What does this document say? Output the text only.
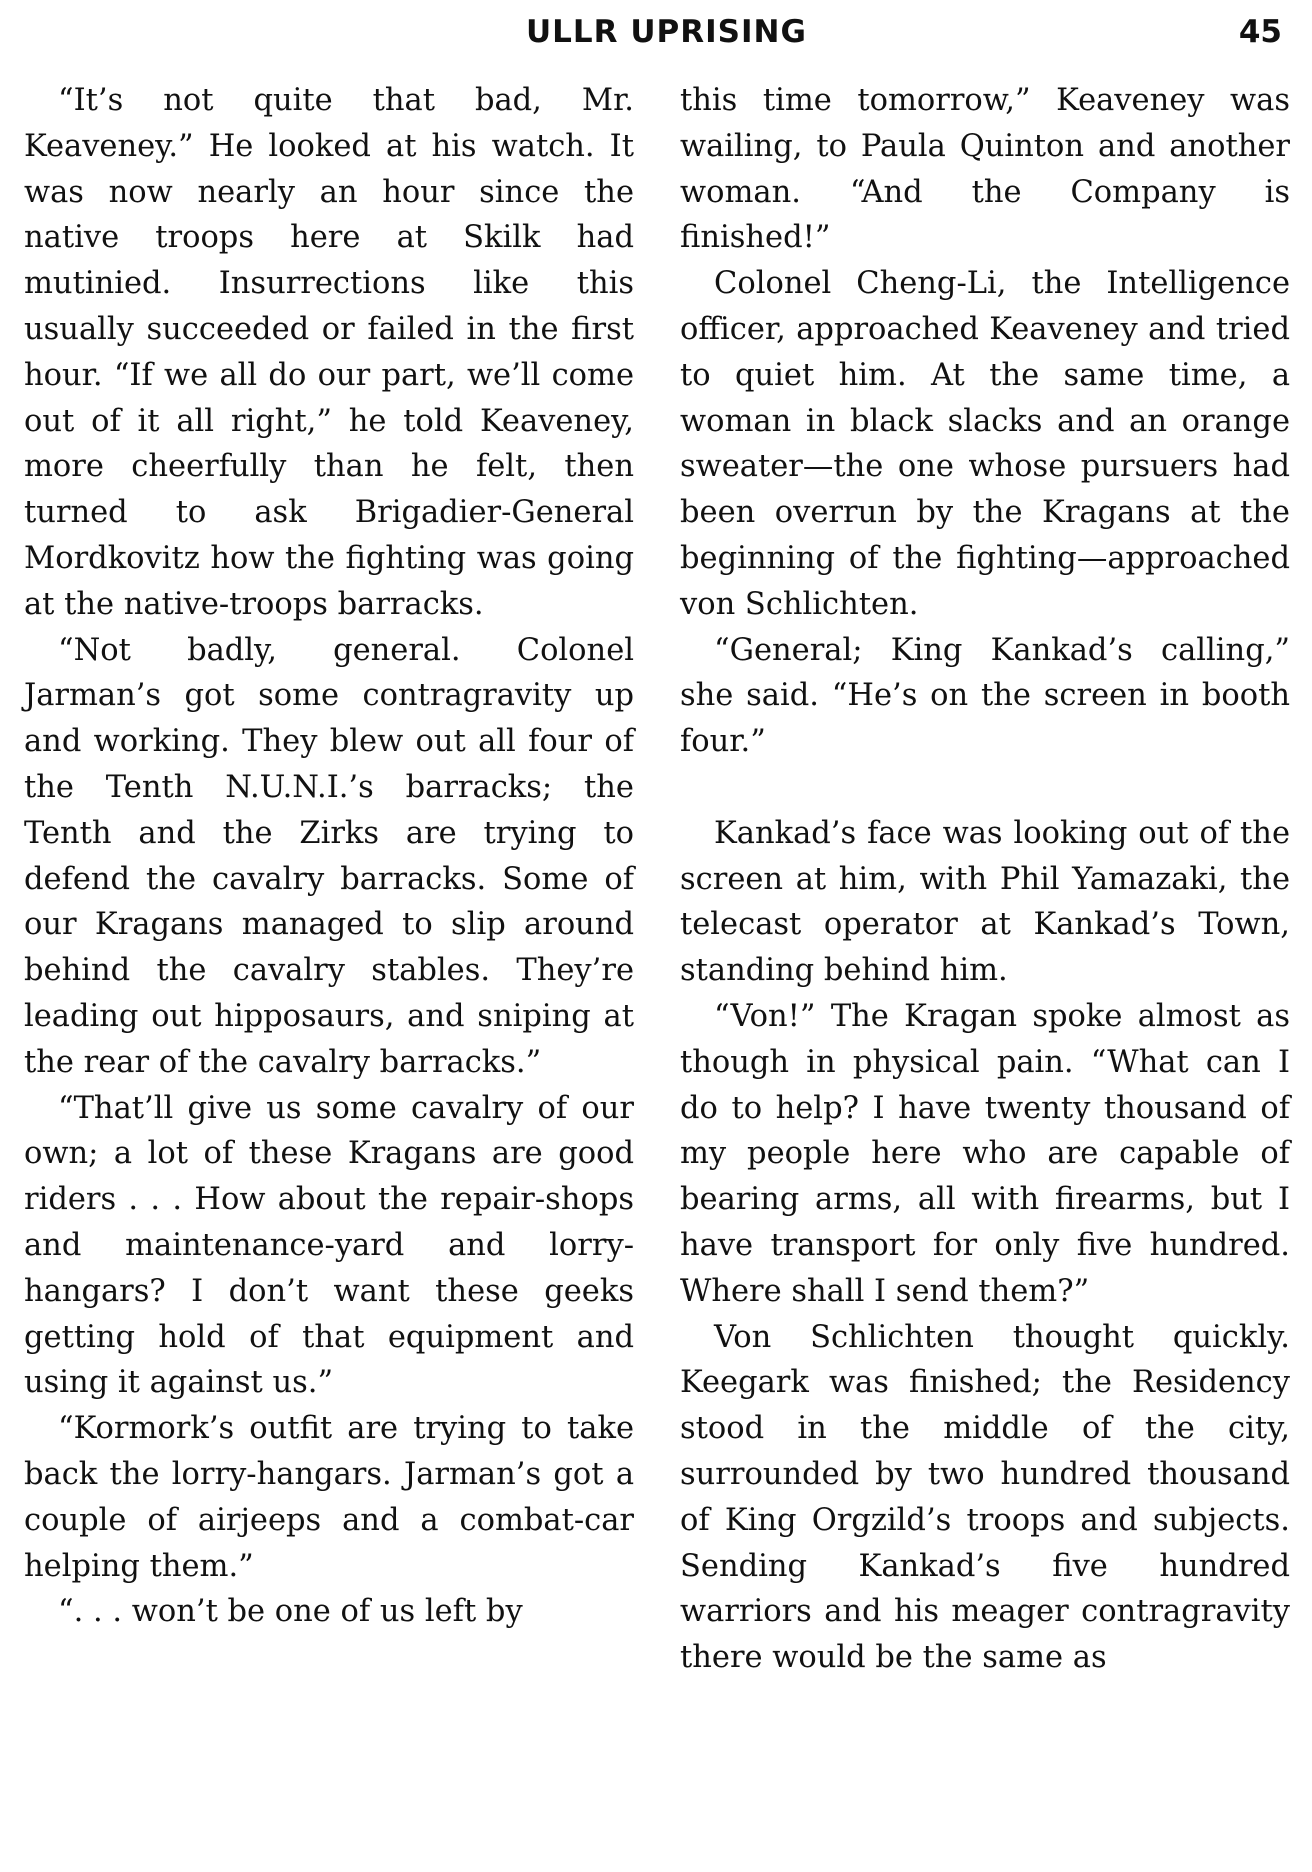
ULLR UPRISING	45

“It’s not quite that bad, Mr. Keaveney.” He looked at his watch. It was now nearly an hour since the native troops here at Skilk had mutinied. Insurrections like this usually succeeded or failed in the first hour. “If we all do our part, we’ll come out of it all right,” he told Keaveney, more cheerfully than he felt, then turned to ask Brigadier-General Mordkovitz how the fighting was going at the native-troops barracks.

“Not badly, general. Colonel Jarman’s got some contragravity up and working. They blew out all four of the Tenth N.U.N.I.’s barracks; the Tenth and the Zirks are trying to defend the cavalry barracks. Some of our Kragans managed to slip around behind the cavalry stables. They’re leading out hipposaurs, and sniping at the rear of the cavalry barracks.”

“That’ll give us some cavalry of our own; a lot of these Kragans are good riders . . . How about the repair-shops and maintenance-yard and lorry-hangars? I don’t want these geeks getting hold of that equipment and using it against us.”

“Kormork’s outfit are trying to take back the lorry-hangars. Jarman’s got a couple of airjeeps and a combat-car helping them.”

“. . . won’t be one of us left by

this time tomorrow,” Keaveney was wailing, to Paula Quinton and another woman. “And the Company is finished!”

Colonel Cheng-Li, the Intelligence officer, approached Keaveney and tried to quiet him. At the same time, a woman in black slacks and an orange sweater—the one whose pursuers had been overrun by the Kragans at the beginning of the fighting—approached von Schlichten.

“General; King Kankad’s calling,” she said. “He’s on the screen in booth four.”

Kankad’s face was looking out of the screen at him, with Phil Yamazaki, the telecast operator at Kankad’s Town, standing behind him.

“Von!” The Kragan spoke almost as though in physical pain. “What can I do to help? I have twenty thousand of my people here who are capable of bearing arms, all with firearms, but I have transport for only five hundred. Where shall I send them?”

Von Schlichten thought quickly. Keegark was finished; the Residency stood in the middle of the city, surrounded by two hundred thousand of King Orgzild’s troops and subjects. Sending Kankad’s five hundred warriors and his meager contragravity there would be the same as
